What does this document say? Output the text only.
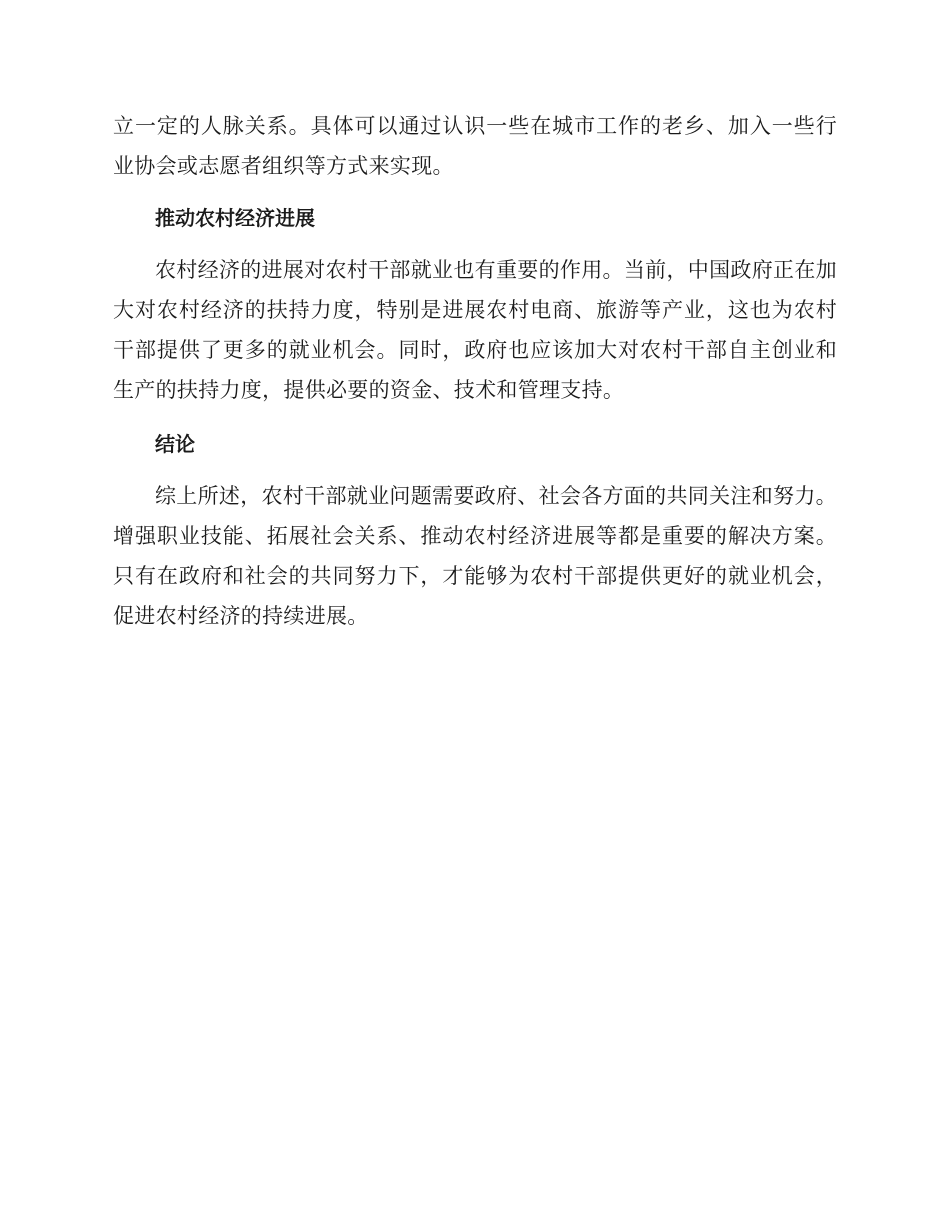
立一定的人脉关系。具体可以通过认识一些在城市工作的老乡、加入一些行业协会或志愿者组织等方式来实现。

推动农村经济进展

农村经济的进展对农村干部就业也有重要的作用。当前，中国政府正在加大对农村经济的扶持力度，特别是进展农村电商、旅游等产业，这也为农村干部提供了更多的就业机会。同时，政府也应该加大对农村干部自主创业和生产的扶持力度，提供必要的资金、技术和管理支持。

结论

综上所述，农村干部就业问题需要政府、社会各方面的共同关注和努力。增强职业技能、拓展社会关系、推动农村经济进展等都是重要的解决方案。只有在政府和社会的共同努力下，才能够为农村干部提供更好的就业机会，促进农村经济的持续进展。
